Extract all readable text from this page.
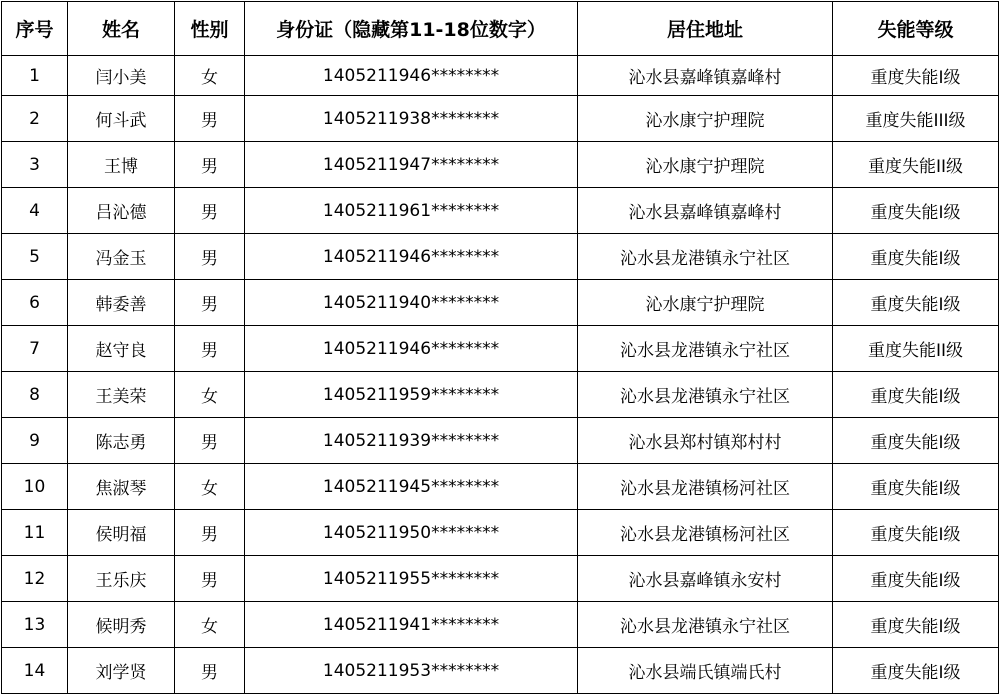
序号	姓名	性别	身份证（隐藏第11-18位数字）	居住地址	失能等级
1	闫小美	女	1405211946********	沁水县嘉峰镇嘉峰村	重度失能I级
2	何斗武	男	1405211938********	沁水康宁护理院	重度失能III级
3	王博	男	1405211947********	沁水康宁护理院	重度失能II级
4	吕沁德	男	1405211961********	沁水县嘉峰镇嘉峰村	重度失能I级
5	冯金玉	男	1405211946********	沁水县龙港镇永宁社区	重度失能I级
6	韩委善	男	1405211940********	沁水康宁护理院	重度失能I级
7	赵守良	男	1405211946********	沁水县龙港镇永宁社区	重度失能II级
8	王美荣	女	1405211959********	沁水县龙港镇永宁社区	重度失能I级
9	陈志勇	男	1405211939********	沁水县郑村镇郑村村	重度失能I级
10	焦淑琴	女	1405211945********	沁水县龙港镇杨河社区	重度失能I级
11	侯明福	男	1405211950********	沁水县龙港镇杨河社区	重度失能I级
12	王乐庆	男	1405211955********	沁水县嘉峰镇永安村	重度失能I级
13	候明秀	女	1405211941********	沁水县龙港镇永宁社区	重度失能I级
14	刘学贤	男	1405211953********	沁水县端氏镇端氏村	重度失能I级
